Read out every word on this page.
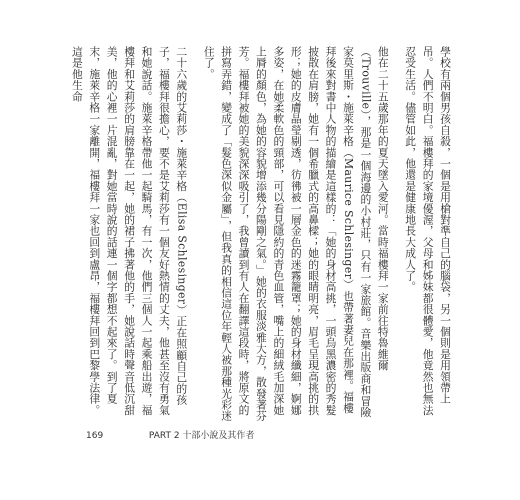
學校有兩個男孩自殺，一個是用槍對準自己的腦袋，另一個則是用領帶上吊。人們不明白。福樓拜的家境優渥，父母和姊妹都很體愛，他竟然也無法忍受生活。儘管如此，他還是健康地長大成人了。

他在二十五歲那年的夏天墜入愛河。當時福樓拜一家前往特魯維爾（Trouville），那是一個海邊的小村莊，只有一家旅館。音樂出版商和冒險家莫里斯・施萊辛格（Maurice Schlesinger）也帶著妻兒在那裡。福樓拜後來對書中人物的描繪是這樣的：「她的身材高挑，一頭烏黑濃密的秀髮披散在肩膀，她有一個希臘式的高鼻樑；她的眼睛明亮，眉毛呈現高挑的拱形；她的皮膚晶瑩剔透，彷彿被一層金色的迷霧籠罩；她的身材纖細，婀娜多姿，在她柔軟色的頸部，可以看見隱約的青色血管，嘴上的細絨毛加深她上脣的顏色，為她的容貌增添幾分陽剛之氣。」她的衣服淡雅大方，散發著芬芳。福樓拜被她的美貌深深吸引了，我曾讀到有人在翻譯這段時，將原文的拼寫弄錯，變成了「髮色深似金屬」，但我真的相信這位年輕人被那種光彩迷住了。

二十六歲的艾莉莎・施萊辛格（Elisa Schlesinger）正在照顧自己的孩子，福樓拜很擔心，要不是艾莉莎有一個友好熱情的丈夫，他甚至沒有勇氣和她說話。施萊辛格帶他一起騎馬，有一次，他們三個人一起乘船出遊，福樓拜和艾莉莎的肩膀靠在一起，她的裙子拂著他的手，她說話時聲音低沉甜美，他的心裡一片混亂，對她當時說的話連一個字都想不起來了。到了夏末，施萊辛格一家離開，福樓拜一家也回到盧昂，福樓拜回到巴黎學法律。這是他生命

169	PART 2 十部小說及其作者
